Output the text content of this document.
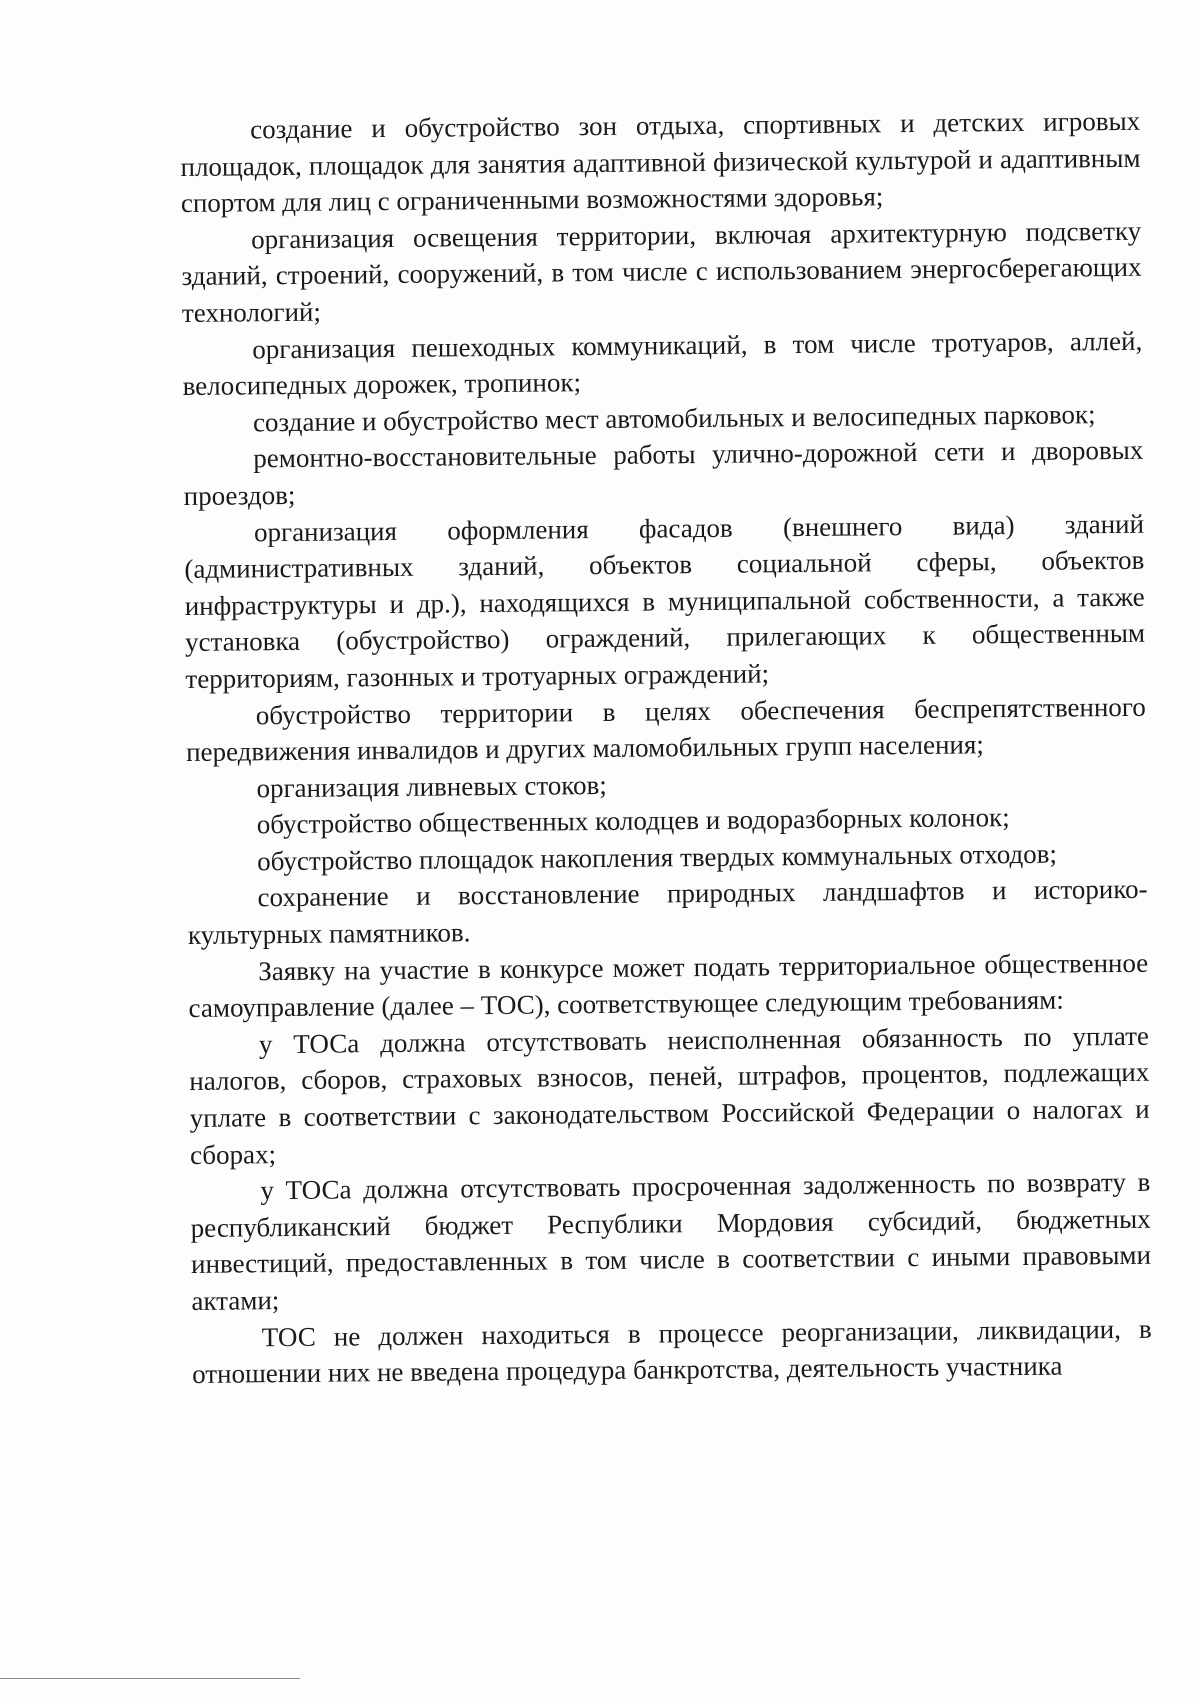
создание и обустройство зон отдыха, спортивных и детских игровых площадок, площадок для занятия адаптивной физической культурой и адаптивным спортом для лиц с ограниченными возможностями здоровья;

организация освещения территории, включая архитектурную подсветку зданий, строений, сооружений, в том числе с использованием энергосберегающих технологий;

организация пешеходных коммуникаций, в том числе тротуаров, аллей, велосипедных дорожек, тропинок;

создание и обустройство мест автомобильных и велосипедных парковок;

ремонтно-восстановительные работы улично-дорожной сети и дворовых проездов;

организация оформления фасадов (внешнего вида) зданий (административных зданий, объектов социальной сферы, объектов инфраструктуры и др.), находящихся в муниципальной собственности, а также установка (обустройство) ограждений, прилегающих к общественным территориям, газонных и тротуарных ограждений;

обустройство территории в целях обеспечения беспрепятственного передвижения инвалидов и других маломобильных групп населения;

организация ливневых стоков;

обустройство общественных колодцев и водоразборных колонок;

обустройство площадок накопления твердых коммунальных отходов;

сохранение и восстановление природных ландшафтов и историко-культурных памятников.

Заявку на участие в конкурсе может подать территориальное общественное самоуправление (далее – ТОС), соответствующее следующим требованиям:

у ТОСа должна отсутствовать неисполненная обязанность по уплате налогов, сборов, страховых взносов, пеней, штрафов, процентов, подлежащих уплате в соответствии с законодательством Российской Федерации о налогах и сборах;

у ТОСа должна отсутствовать просроченная задолженность по возврату в республиканский бюджет Республики Мордовия субсидий, бюджетных инвестиций, предоставленных в том числе в соответствии с иными правовыми актами;

ТОС не должен находиться в процессе реорганизации, ликвидации, в отношении них не введена процедура банкротства, деятельность участника
